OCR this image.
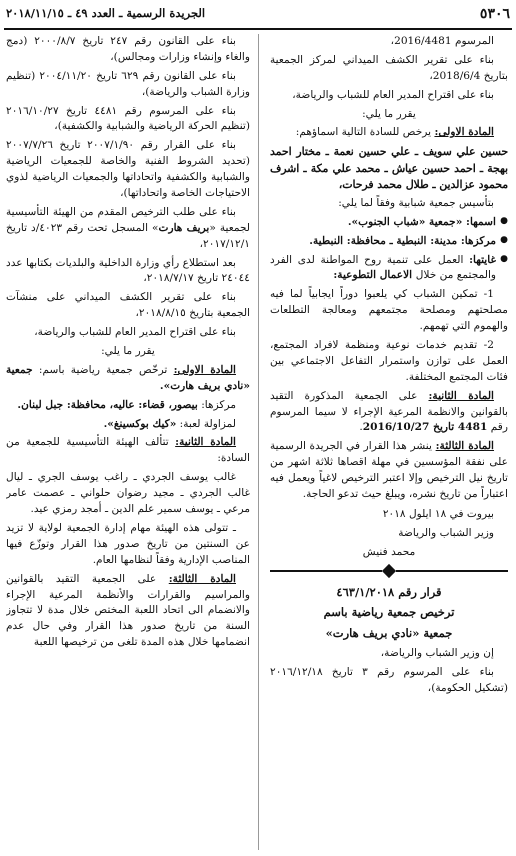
٥٣٠٦
الجريدة الرسمية ـ العدد ٤٩ ـ ٢٠١٨/١١/١٥

المرسوم 2016/4481،

بناء على تقرير الكشف الميداني لمركز الجمعية بتاريخ 2018/6/4،

بناء على اقتراح المدير العام للشباب والرياضة،

يقرر ما يلي:

المادة الاولى: يرخص للسادة التالية اسماؤهم:

حسين علي سويف ـ علي حسين نعمة ـ مختار احمد بهجة ـ احمد حسين عياش ـ محمد علي مكة ـ اشرف محمود عزالدين ـ طلال محمد فرحات،

بتأسيس جمعية شبابية وفقاً لما يلي:

● اسمها: «جمعية «شباب الجنوب».

● مركزها: مدينة: النبطية ـ محافظة: النبطية.

● غايتها: العمل على تنمية روح المواطنة لدى الفرد والمجتمع من خلال الاعمال التطوعية:

1- تمكين الشباب كي يلعبوا دوراً ايجابياً لما فيه مصلحتهم ومصلحة مجتمعهم ومعالجة التطلعات والهموم التي تهمهم.

2- تقديم خدمات نوعية ومنظمة لافراد المجتمع، العمل على توازن واستمرار التفاعل الاجتماعي بين فئات المجتمع المختلفة.

المادة الثانية: على الجمعية المذكورة التقيد بالقوانين والانظمة المرعية الإجراء لا سيما المرسوم رقم 4481 تاريخ 2016/10/27.

المادة الثالثة: ينشر هذا القرار في الجريدة الرسمية على نفقة المؤسسين في مهلة اقصاها ثلاثة اشهر من تاريخ نيل الترخيص وإلا اعتبر الترخيص لاغياً ويعمل فيه اعتباراً من تاريخ نشره، ويبلغ حيث تدعو الحاجة.

بيروت في ١٨ ايلول ٢٠١٨

وزير الشباب والرياضة

محمد فنيش

قرار رقم ٤٦٣/١/٢٠١٨

ترخيص جمعية رياضية باسم

جمعية «نادي بريف هارت»

إن وزير الشباب والرياضة،

بناء على المرسوم رقم ٣ تاريخ ٢٠١٦/١٢/١٨ (تشكيل الحكومة)،

بناء على القانون رقم ٢٤٧ تاريخ ٢٠٠٠/٨/٧ (دمج والغاء وإنشاء وزارات ومجالس)،

بناء على القانون رقم ٦٢٩ تاريخ ٢٠٠٤/١١/٢٠ (تنظيم وزارة الشباب والرياضة)،

بناء على المرسوم رقم ٤٤٨١ تاريخ ٢٠١٦/١٠/٢٧ (تنظيم الحركة الرياضية والشبابية والكشفية)،

بناء على القرار رقم ٢٠٠٧/١/٩٠ تاريخ ٢٠٠٧/٧/٢٦ (تحديد الشروط الفنية والخاصة للجمعيات الرياضية والشبابية والكشفية واتحاداتها والجمعيات الرياضية لذوي الاحتياجات الخاصة واتحاداتها)،

بناء على طلب الترخيص المقدم من الهيئة التأسيسية لجمعية «بريف هارت» المسجل تحت رقم ٤٠٢٣/د تاريخ ٢٠١٧/١٢/١،

بعد استطلاع رأي وزارة الداخلية والبلديات بكتابها عدد ٢٤٠٤٤ تاريخ ٢٠١٨/٧/١٧،

بناء على تقرير الكشف الميداني على منشآت الجمعية بتاريخ ٢٠١٨/٨/١٥،

بناء على اقتراح المدير العام للشباب والرياضة،

يقرر ما يلي:

المادة الاولى: ترخّص جمعية رياضية باسم: جمعية «نادي بريف هارت».

مركزها: بيصور، قضاء: عاليه، محافظة: جبل لبنان.

لمزاولة لعبة: «كيك بوكسينغ».

المادة الثانية: تتألف الهيئة التأسيسية للجمعية من السادة:

غالب يوسف الجردي ـ راغب يوسف الجري ـ ليال غالب الجردي ـ مجيد رضوان حلواني ـ عصمت عامر مرعي ـ يوسف سمير علم الدين ـ أمجد رمزي عيد.

ـ تتولى هذه الهيئة مهام إدارة الجمعية لولاية لا تزيد عن السنتين من تاريخ صدور هذا القرار وتوزّع فيها المناصب الإدارية وفقاً لنظامها العام.

المادة الثالثة: على الجمعية التقيد بالقوانين والمراسيم والقرارات والأنظمة المرعية الإجراء والانضمام الى اتحاد اللعبة المختص خلال مدة لا تتجاوز السنة من تاريخ صدور هذا القرار وفي حال عدم انضمامها خلال هذه المدة تلغى من ترخيصها اللعبة
